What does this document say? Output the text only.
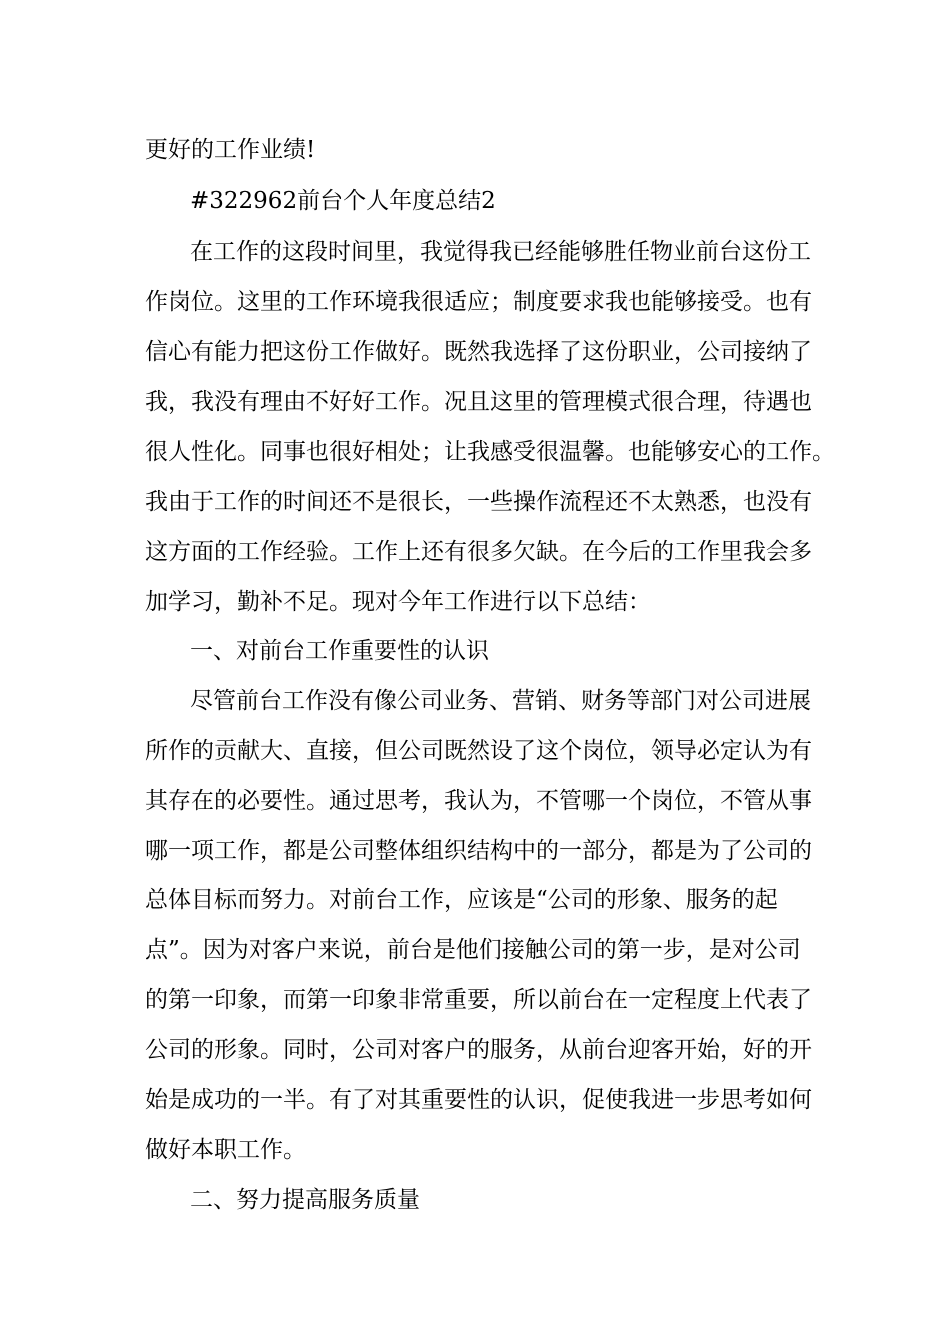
更好的工作业绩!
#322962前台个人年度总结2
在工作的这段时间里，我觉得我已经能够胜任物业前台这份工
作岗位。这里的工作环境我很适应；制度要求我也能够接受。也有
信心有能力把这份工作做好。既然我选择了这份职业，公司接纳了
我，我没有理由不好好工作。况且这里的管理模式很合理，待遇也
很人性化。同事也很好相处；让我感受很温馨。也能够安心的工作。
我由于工作的时间还不是很长，一些操作流程还不太熟悉，也没有
这方面的工作经验。工作上还有很多欠缺。在今后的工作里我会多
加学习，勤补不足。现对今年工作进行以下总结：
一、对前台工作重要性的认识
尽管前台工作没有像公司业务、营销、财务等部门对公司进展
所作的贡献大、直接，但公司既然设了这个岗位，领导必定认为有
其存在的必要性。通过思考，我认为，不管哪一个岗位，不管从事
哪一项工作，都是公司整体组织结构中的一部分，都是为了公司的
总体目标而努力。对前台工作，应该是“公司的形象、服务的起
点”。因为对客户来说，前台是他们接触公司的第一步，是对公司
的第一印象，而第一印象非常重要，所以前台在一定程度上代表了
公司的形象。同时，公司对客户的服务，从前台迎客开始，好的开
始是成功的一半。有了对其重要性的认识，促使我进一步思考如何
做好本职工作。
二、努力提高服务质量
